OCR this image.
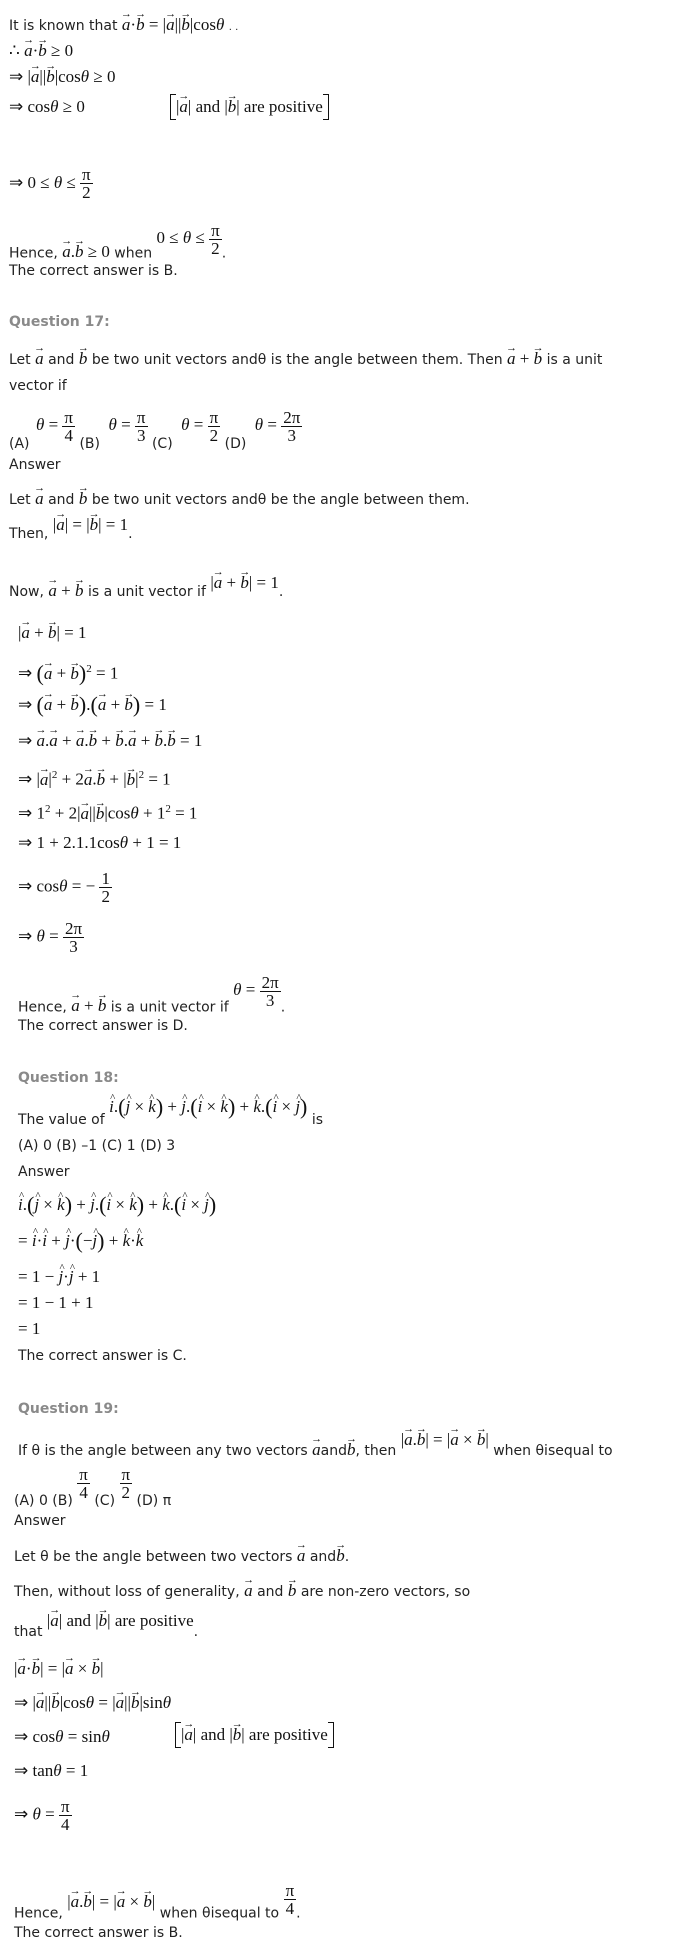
It is known that → a·→ b = |→ a||→ b|cosθ . .
∴ → a·→ b ≥ 0
⇒ |→ a||→ b|cosθ ≥ 0
⇒ cosθ ≥ 0	|→ a| and |→ b| are positive
⇒ $0 \le \theta \le \frac{\pi}{2}$
Hence, → a.→ b ≥ 0 when $0 \le \theta \le \frac{\pi}{2}$ .
The correct answer is B.
Question 17:
Let → a and → b be two unit vectors andθ is the angle between them. Then → a + → b is a unit
vector if
(A) $\theta = \frac{\pi}{4}$
(B) $\theta = \frac{\pi}{3}$
(C) $\theta = \frac{\pi}{2}$
(D) $\theta = \frac{2\pi}{3}$
Answer
Let → a and → b be two unit vectors andθ be the angle between them.
Then, |→ a| = |→ b| = 1.
Now, → a + → b is a unit vector if |→ a + → b| = 1.
|→ a + → b| = 1
⇒ (→ a + → b)$^2$ = 1
⇒ (→ a + → b).(→ a + → b) = 1
⇒ → a.→ a + → a.→ b + → b.→ a + → b.→ b = 1
⇒ |→ $a|^2 + 2\to a.\to b$ + |→ $b|^2 = 1$
⇒ $1^2 + 2|\to a||\to b|\cos\theta + 1^2 = 1$
⇒ 1 + 2.1.1cosθ + 1 = 1
⇒ cosθ = − $\frac{1}{2}$
⇒ $\theta = \frac{2\pi}{3}$
Hence, → a + → b is a unit vector if $\theta = \frac{2\pi}{3}$ .
The correct answer is D.
Question 18:
The value of ^ i.(^ j × ^ k) + ^ j.(^ i × ^ k) + ^ k.(^ i × ^ j) is
(A) 0 (B) –1 (C) 1 (D) 3
Answer
^ i.(^ j × ^ k) + ^ j.(^ i × ^ k) + ^ k.(^ i × ^ j)
= ^ i·^ i + ^ j·(−^ j) + ^ k·^ k
= 1 − ^ j·^ j + 1
= 1 − 1 + 1
= 1
The correct answer is C.
Question 19:
If θ is the angle between any two vectors → aand→ b, then |→ a.→ b| = |→ a × → b| when θisequal to
(A) 0 (B)
$\frac{\pi}{4}$
(C)
$\frac{\pi}{2}$
(D) π
Answer
Let θ be the angle between two vectors → a and→ b.
Then, without loss of generality, → a and → b are non-zero vectors, so
that |→ a| and |→ b| are positive.
|→ a·→ b| = |→ a × → b|
⇒ |→ a||→ b|cosθ = |→ a||→ b|sinθ
⇒ cosθ = sinθ	|→ a| and |→ b| are positive
⇒ tanθ = 1
⇒ $\theta = \frac{\pi}{4}$
Hence, |→ a.→ b| = |→ a × → b| when θisequal to $\frac{\pi}{4}$ .
The correct answer is B.
